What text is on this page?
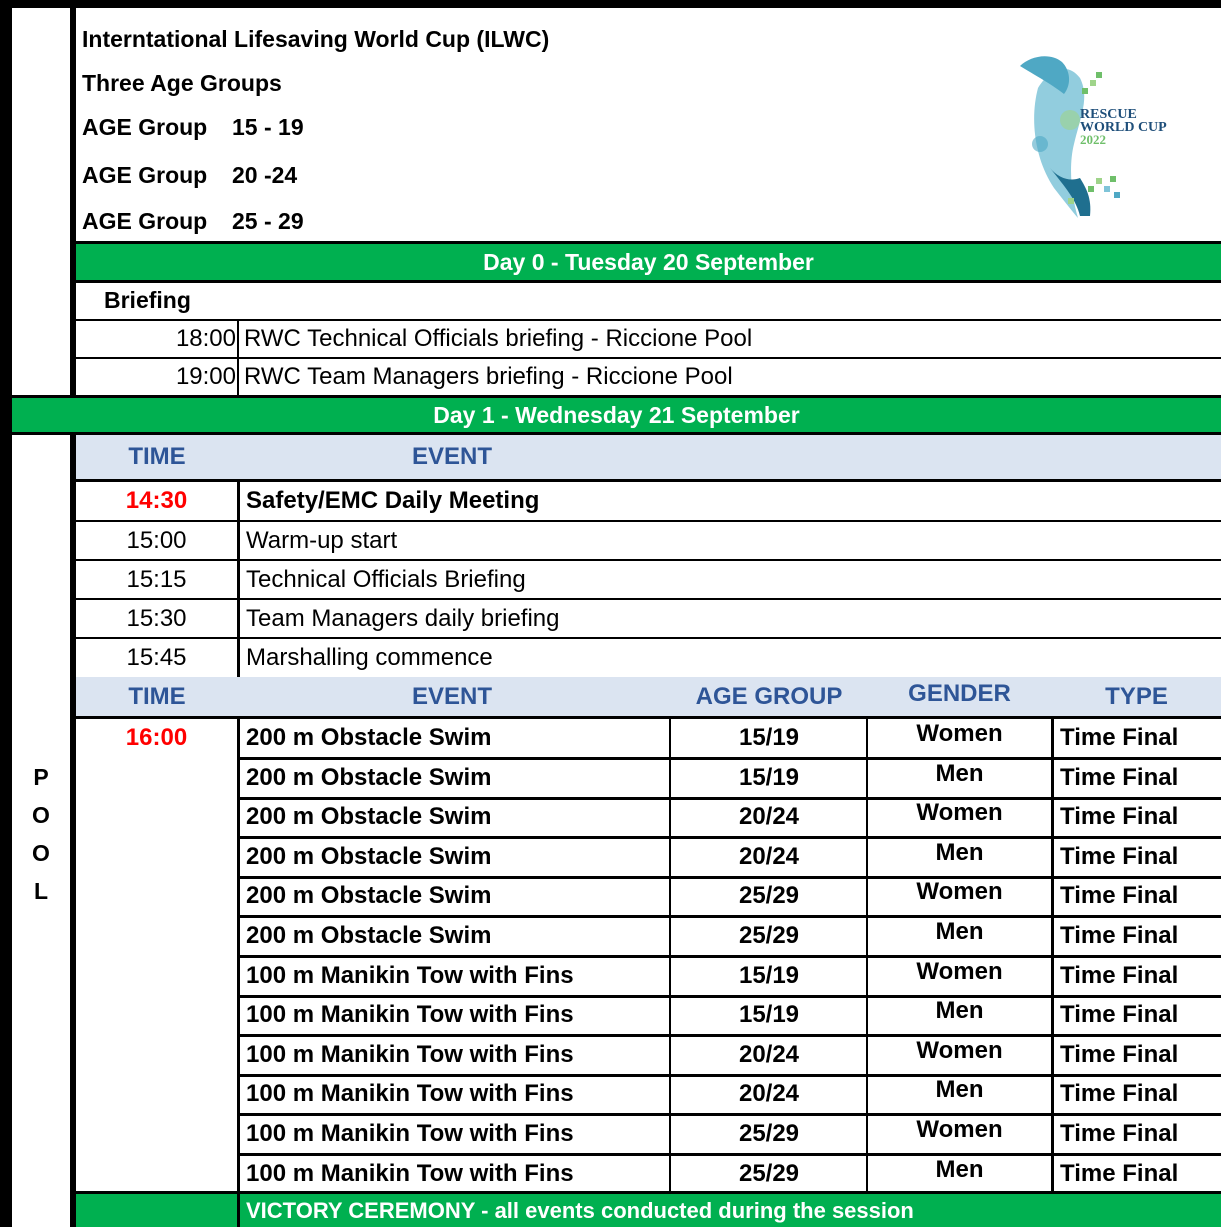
Interntational Lifesaving World Cup (ILWC)
Three Age Groups
AGE Group 15 - 19
AGE Group 20 -24
AGE Group 25 - 29
RESCUE
WORLD CUP
2022
Day 0 - Tuesday 20 September
Briefing
18:00 RWC Technical Officials briefing - Riccione Pool
19:00 RWC Team Managers briefing - Riccione Pool
Day 1 - Wednesday 21 September
P
O
O
L
TIME	EVENT
14:30	Safety/EMC Daily Meeting
15:00	Warm-up start
15:15	Technical Officials Briefing
15:30	Team Managers daily briefing
15:45	Marshalling commence
TIME	EVENT	AGE GROUP	GENDER	TYPE
16:00	200 m Obstacle Swim	15/19	Women	Time Final
200 m Obstacle Swim	15/19	Men	Time Final
200 m Obstacle Swim	20/24	Women	Time Final
200 m Obstacle Swim	20/24	Men	Time Final
200 m Obstacle Swim	25/29	Women	Time Final
200 m Obstacle Swim	25/29	Men	Time Final
100 m Manikin Tow with Fins	15/19	Women	Time Final
100 m Manikin Tow with Fins	15/19	Men	Time Final
100 m Manikin Tow with Fins	20/24	Women	Time Final
100 m Manikin Tow with Fins	20/24	Men	Time Final
100 m Manikin Tow with Fins	25/29	Women	Time Final
100 m Manikin Tow with Fins	25/29	Men	Time Final
VICTORY CEREMONY - all events conducted during the session
